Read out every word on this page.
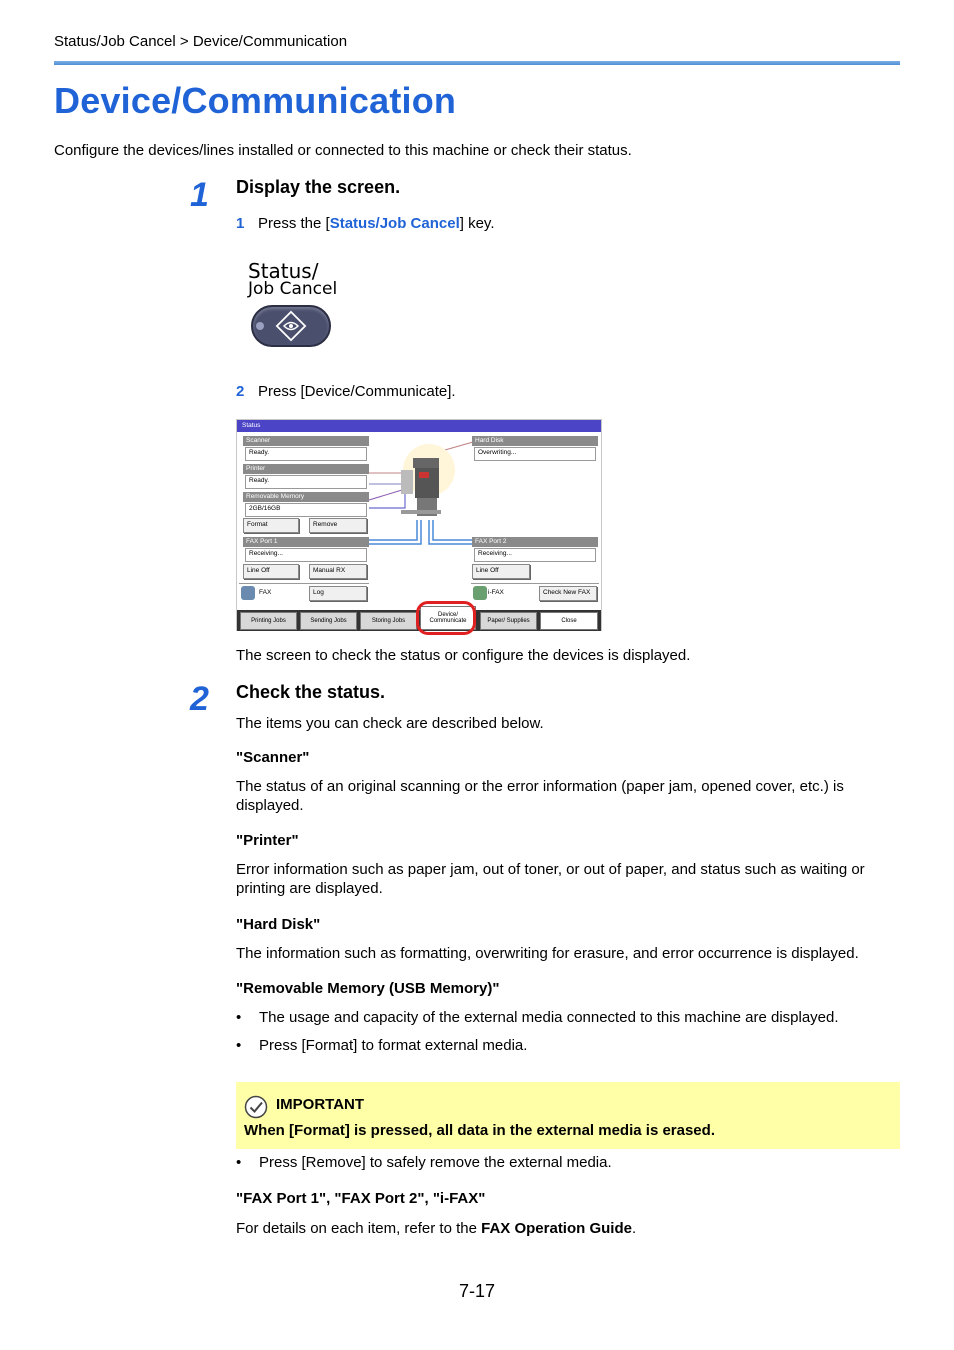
Status/Job Cancel > Device/Communication
Device/Communication
Configure the devices/lines installed or connected to this machine or check their status.
1 Display the screen.
1 Press the [Status/Job Cancel] key.
Status/
Job Cancel
2 Press [Device/Communicate].
Status
Scanner
Ready.
Printer
Ready.
Removable Memory
2GB/16GB
Format	Remove
FAX Port 1
Receiving...
Line Off	Manual RX
FAX	Log
Hard Disk
Overwriting...
FAX Port 2
Receiving...
Line Off
i-FAX	Check New FAX
Printing Jobs	Sending Jobs	Storing Jobs
Device/ Communicate	Paper/ Supplies	Close
The screen to check the status or configure the devices is displayed.
2 Check the status.
The items you can check are described below.
"Scanner"
The status of an original scanning or the error information (paper jam, opened cover, etc.) is displayed.
"Printer"
Error information such as paper jam, out of toner, or out of paper, and status such as waiting or printing are displayed.
"Hard Disk"
The information such as formatting, overwriting for erasure, and error occurrence is displayed.
"Removable Memory (USB Memory)"
• The usage and capacity of the external media connected to this machine are displayed.
• Press [Format] to format external media.
IMPORTANT
When [Format] is pressed, all data in the external media is erased.
• Press [Remove] to safely remove the external media.
"FAX Port 1", "FAX Port 2", "i-FAX"
For details on each item, refer to the FAX Operation Guide.
7-17
